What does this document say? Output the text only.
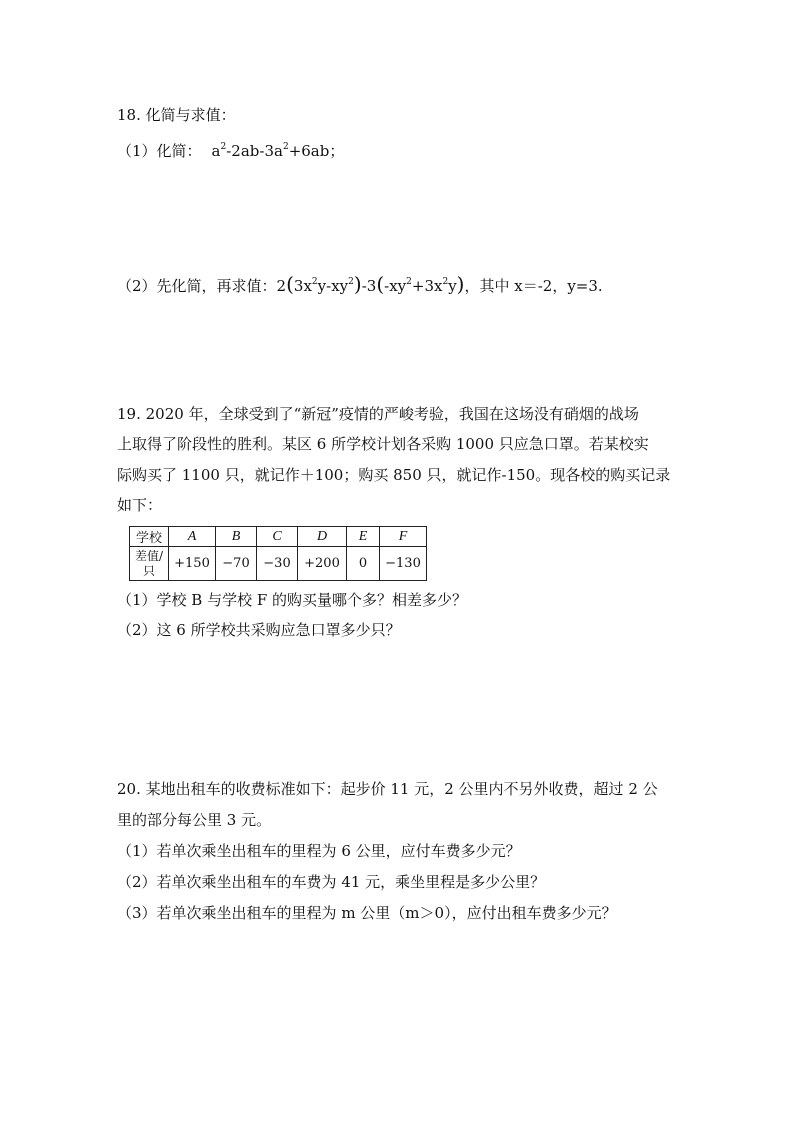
18. 化简与求值：
（1）化简： $a^2-2ab-3a^2+6ab$；
（2）先化简，再求值：$2(3x^2y-xy^2)-3(-xy^2+3x^2y)$，其中 x＝-2，y=3.
19. 2020 年，全球受到了“新冠”疫情的严峻考验，我国在这场没有硝烟的战场
上取得了阶段性的胜利。某区 6 所学校计划各采购 1000 只应急口罩。若某校实
际购买了 1100 只，就记作＋100；购买 850 只，就记作-150。现各校的购买记录
如下：
学校	A	B	C	D	E	F
差值/
只	+150	−70	−30	+200	0	−130
（1）学校 B 与学校 F 的购买量哪个多？相差多少？
（2）这 6 所学校共采购应急口罩多少只？
20. 某地出租车的收费标准如下：起步价 11 元，2 公里内不另外收费，超过 2 公
里的部分每公里 3 元。
（1）若单次乘坐出租车的里程为 6 公里，应付车费多少元？
（2）若单次乘坐出租车的车费为 41 元，乘坐里程是多少公里？
（3）若单次乘坐出租车的里程为 m 公里（m＞0），应付出租车费多少元？
